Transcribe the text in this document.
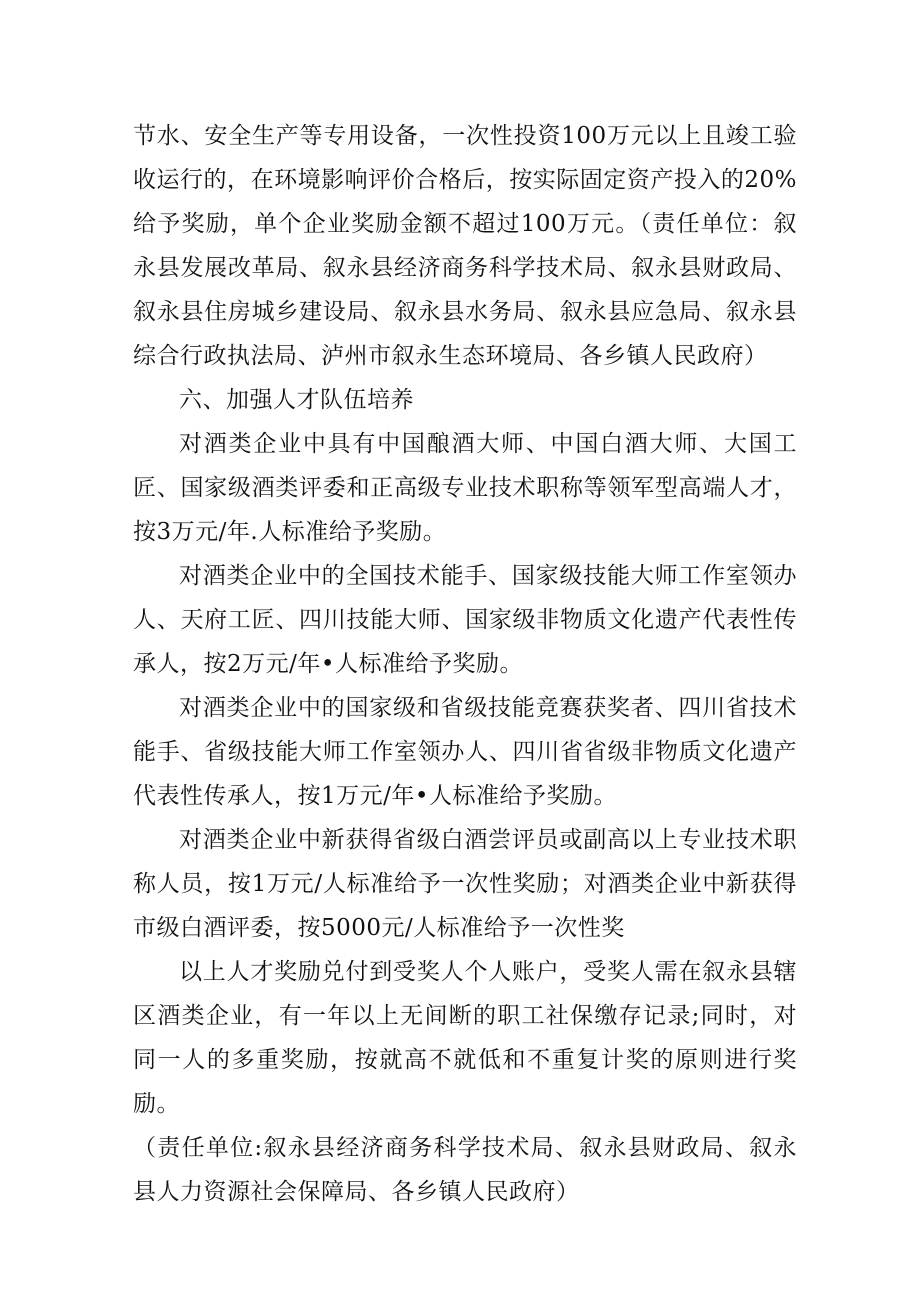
节水、安全生产等专用设备，一次性投资100万元以上且竣工验收运行的，在环境影响评价合格后，按实际固定资产投入的20%给予奖励，单个企业奖励金额不超过100万元。（责任单位：叙永县发展改革局、叙永县经济商务科学技术局、叙永县财政局、叙永县住房城乡建设局、叙永县水务局、叙永县应急局、叙永县综合行政执法局、泸州市叙永生态环境局、各乡镇人民政府）

六、加强人才队伍培养

对酒类企业中具有中国酿酒大师、中国白酒大师、大国工匠、国家级酒类评委和正高级专业技术职称等领军型高端人才，按3万元/年.人标准给予奖励。

对酒类企业中的全国技术能手、国家级技能大师工作室领办人、天府工匠、四川技能大师、国家级非物质文化遗产代表性传承人，按2万元/年•人标准给予奖励。

对酒类企业中的国家级和省级技能竞赛获奖者、四川省技术能手、省级技能大师工作室领办人、四川省省级非物质文化遗产代表性传承人，按1万元/年•人标准给予奖励。

对酒类企业中新获得省级白酒尝评员或副高以上专业技术职称人员，按1万元/人标准给予一次性奖励；对酒类企业中新获得市级白酒评委，按5000元/人标准给予一次性奖

以上人才奖励兑付到受奖人个人账户，受奖人需在叙永县辖区酒类企业，有一年以上无间断的职工社保缴存记录;同时，对同一人的多重奖励，按就高不就低和不重复计奖的原则进行奖励。

（责任单位:叙永县经济商务科学技术局、叙永县财政局、叙永县人力资源社会保障局、各乡镇人民政府）
